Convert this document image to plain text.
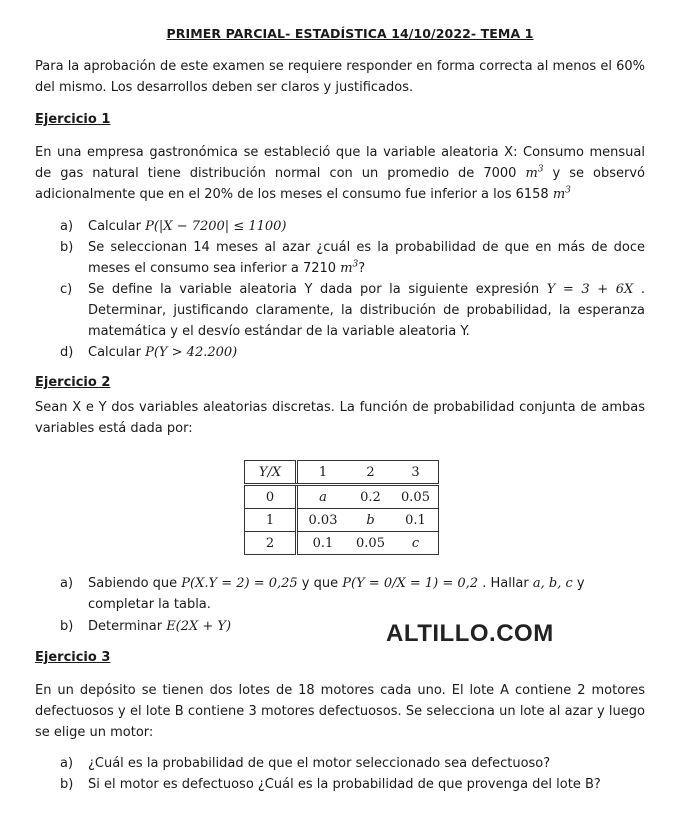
PRIMER PARCIAL- ESTADÍSTICA 14/10/2022- TEMA 1
Para la aprobación de este examen se requiere responder en forma correcta al menos el 60% del mismo. Los desarrollos deben ser claros y justificados.
Ejercicio 1
En una empresa gastronómica se estableció que la variable aleatoria X: Consumo mensual de gas natural tiene distribución normal con un promedio de 7000 $m^3$ y se observó adicionalmente que en el 20% de los meses el consumo fue inferior a los 6158 $m^3$
a)	Calcular P(|X − 7200| ≤ 1100)
b)	Se seleccionan 14 meses al azar ¿cuál es la probabilidad de que en más de doce meses el consumo sea inferior a 7210 $m^3$?
c)	Se define la variable aleatoria Y dada por la siguiente expresión Y = 3 + 6X . Determinar, justificando claramente, la distribución de probabilidad, la esperanza matemática y el desvío estándar de la variable aleatoria Y.
d)	Calcular P(Y > 42.200)
Ejercicio 2
Sean X e Y dos variables aleatorias discretas. La función de probabilidad conjunta de ambas variables está dada por:
Y/X	1	2	3
0	a	0.2	0.05
1	0.03	b	0.1
2	0.1	0.05	c
a)	Sabiendo que P(X.Y = 2) = 0,25 y que P(Y = 0/X = 1) = 0,2 . Hallar a, b, c y completar la tabla.
b)	Determinar E(2X + Y)	ALTILLO.COM
Ejercicio 3
En un depósito se tienen dos lotes de 18 motores cada uno. El lote A contiene 2 motores defectuosos y el lote B contiene 3 motores defectuosos. Se selecciona un lote al azar y luego se elige un motor:
a)	¿Cuál es la probabilidad de que el motor seleccionado sea defectuoso?
b)	Si el motor es defectuoso ¿Cuál es la probabilidad de que provenga del lote B?
